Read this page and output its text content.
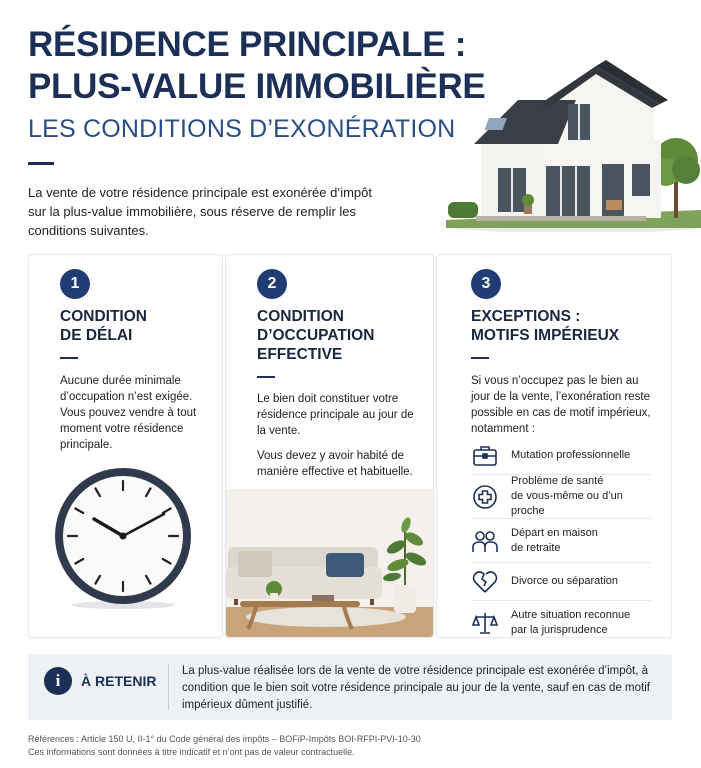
RÉSIDENCE PRINCIPALE :
PLUS-VALUE IMMOBILIÈRE
LES CONDITIONS D’EXONÉRATION
La vente de votre résidence principale est exonérée d’impôt sur la plus-value immobilière, sous réserve de remplir les conditions suivantes.
1
CONDITION
DE DÉLAI
Aucune durée minimale d’occupation n’est exigée. Vous pouvez vendre à tout moment votre résidence principale.
2
CONDITION
D’OCCUPATION
EFFECTIVE

Le bien doit constituer votre résidence principale au jour de la vente.

Vous devez y avoir habité de manière effective et habituelle.

3
EXCEPTIONS :
MOTIFS IMPÉRIEUX
Si vous n’occupez pas le bien au jour de la vente, l’exonération reste possible en cas de motif impérieux, notamment :
Mutation professionnelle
Problème de santé
de vous-même ou d’un proche
Départ en maison
de retraite
Divorce ou séparation
Autre situation reconnue
par la jurisprudence
i	À RETENIR
La plus-value réalisée lors de la vente de votre résidence principale est exonérée d’impôt, à condition que le bien soit votre résidence principale au jour de la vente, sauf en cas de motif impérieux dûment justifié.
Références : Article 150 U, II-1° du Code général des impôts – BOFiP-Impôts BOI-RFPI-PVI-10-30
Ces informations sont données à titre indicatif et n’ont pas de valeur contractuelle.
